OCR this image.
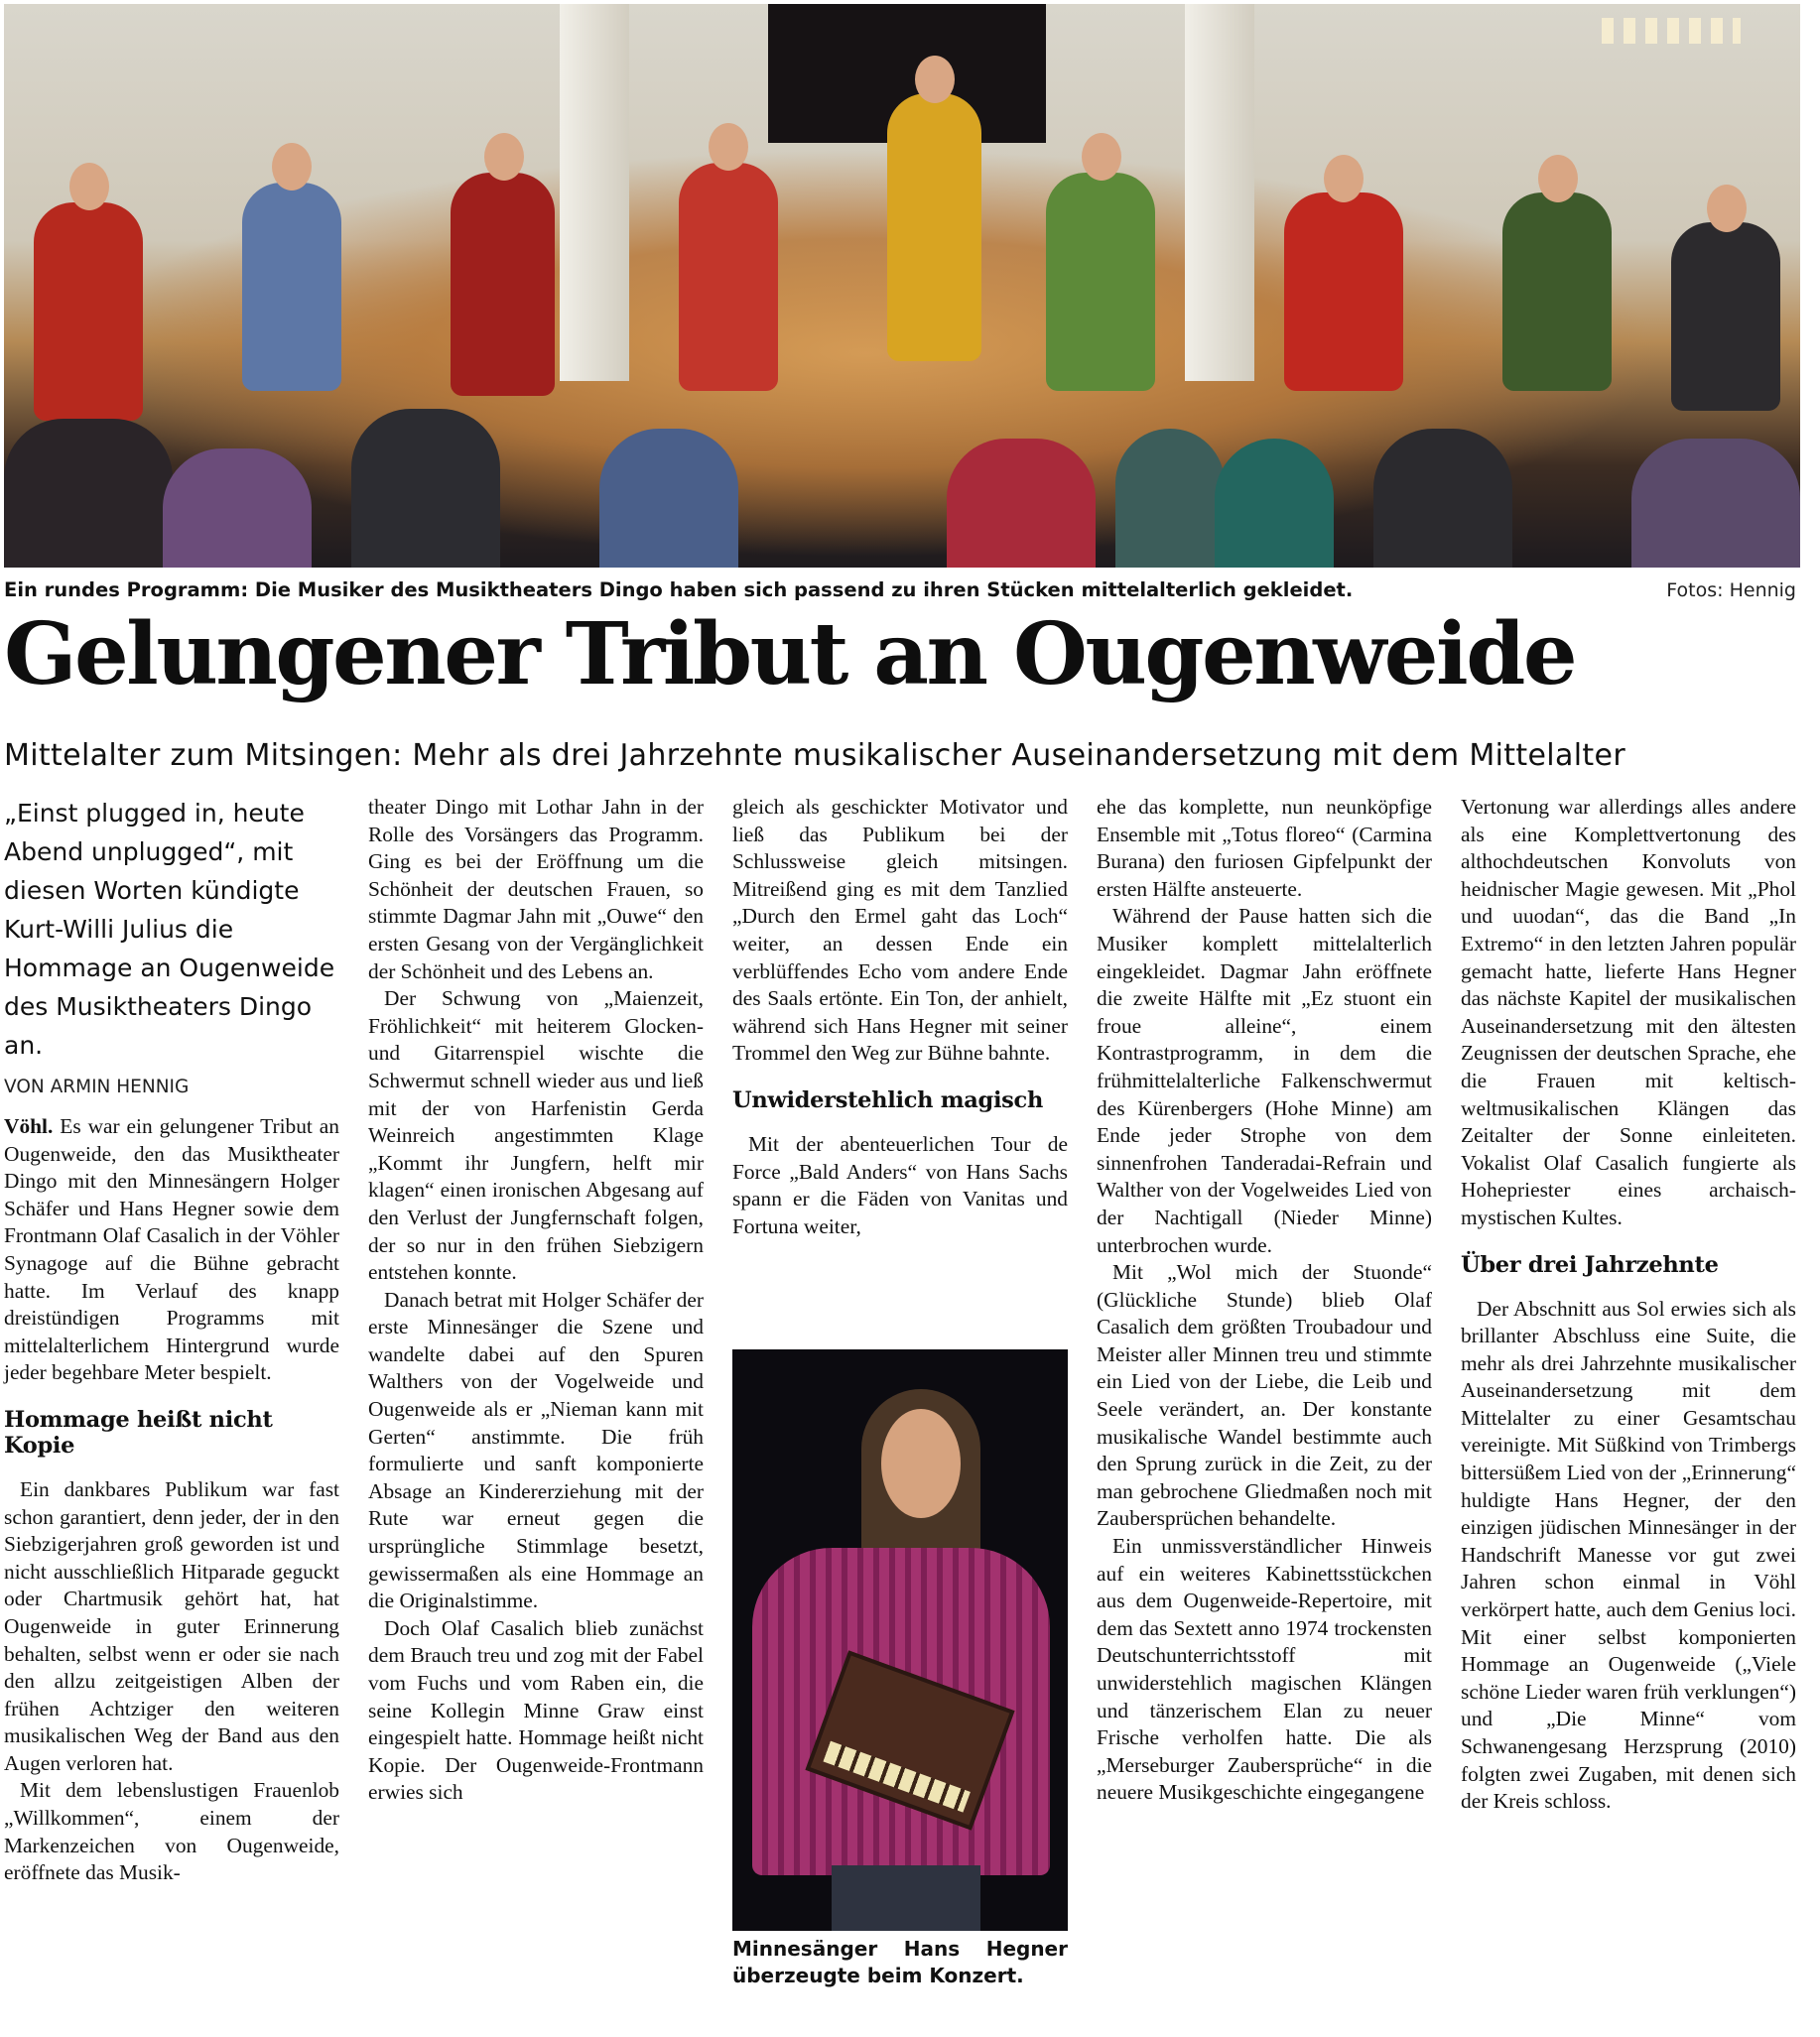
Ein rundes Programm: Die Musiker des Musiktheaters Dingo haben sich passend zu ihren Stücken mittelalterlich gekleidet.	Fotos: Hennig
Gelungener Tribut an Ougenweide
Mittelalter zum Mitsingen: Mehr als drei Jahrzehnte musikalischer Auseinandersetzung mit dem Mittelalter
„Einst plugged in, heute Abend unplugged“, mit diesen Worten kündigte Kurt-Willi Julius die Hommage an Ougenweide des Musiktheaters Dingo an.
VON ARMIN HENNIG

Vöhl. Es war ein gelungener Tribut an Ougenweide, den das Musiktheater Dingo mit den Minnesängern Holger Schäfer und Hans Hegner sowie dem Frontmann Olaf Casalich in der Vöhler Synagoge auf die Bühne gebracht hatte. Im Verlauf des knapp dreistündigen Programms mit mittelalterlichem Hintergrund wurde jeder begehbare Meter bespielt.

Hommage heißt nicht Kopie

Ein dankbares Publikum war fast schon garantiert, denn jeder, der in den Siebzigerjahren groß geworden ist und nicht ausschließlich Hitparade geguckt oder Chartmusik gehört hat, hat Ougenweide in guter Erinnerung behalten, selbst wenn er oder sie nach den allzu zeitgeistigen Alben der frühen Achtziger den weiteren musikalischen Weg der Band aus den Augen verloren hat.

Mit dem lebenslustigen Frauenlob „Willkommen“, einem der Markenzeichen von Ougenweide, eröffnete das Musik-

theater Dingo mit Lothar Jahn in der Rolle des Vorsängers das Programm. Ging es bei der Eröffnung um die Schönheit der deutschen Frauen, so stimmte Dagmar Jahn mit „Ouwe“ den ersten Gesang von der Vergänglichkeit der Schönheit und des Lebens an.

Der Schwung von „Maienzeit, Fröhlichkeit“ mit heiterem Glocken- und Gitarrenspiel wischte die Schwermut schnell wieder aus und ließ mit der von Harfenistin Gerda Weinreich angestimmten Klage „Kommt ihr Jungfern, helft mir klagen“ einen ironischen Abgesang auf den Verlust der Jungfernschaft folgen, der so nur in den frühen Siebzigern entstehen konnte.

Danach betrat mit Holger Schäfer der erste Minnesänger die Szene und wandelte dabei auf den Spuren Walthers von der Vogelweide und Ougenweide als er „Nieman kann mit Gerten“ anstimmte. Die früh formulierte und sanft komponierte Absage an Kindererziehung mit der Rute war erneut gegen die ursprüngliche Stimmlage besetzt, gewissermaßen als eine Hommage an die Originalstimme.

Doch Olaf Casalich blieb zunächst dem Brauch treu und zog mit der Fabel vom Fuchs und vom Raben ein, die seine Kollegin Minne Graw einst eingespielt hatte. Hommage heißt nicht Kopie. Der Ougenweide-Frontmann erwies sich

gleich als geschickter Motivator und ließ das Publikum bei der Schlussweise gleich mitsingen. Mitreißend ging es mit dem Tanzlied „Durch den Ermel gaht das Loch“ weiter, an dessen Ende ein verblüffendes Echo vom andere Ende des Saals ertönte. Ein Ton, der anhielt, während sich Hans Hegner mit seiner Trommel den Weg zur Bühne bahnte.

Unwiderstehlich magisch

Mit der abenteuerlichen Tour de Force „Bald Anders“ von Hans Sachs spann er die Fäden von Vanitas und Fortuna weiter,

Minnesänger Hans Hegner überzeugte beim Konzert.

ehe das komplette, nun neunköpfige Ensemble mit „Totus floreo“ (Carmina Burana) den furiosen Gipfelpunkt der ersten Hälfte ansteuerte.

Während der Pause hatten sich die Musiker komplett mittelalterlich eingekleidet. Dagmar Jahn eröffnete die zweite Hälfte mit „Ez stuont ein froue alleine“, einem Kontrastprogramm, in dem die frühmittelalterliche Falkenschwermut des Kürenbergers (Hohe Minne) am Ende jeder Strophe von dem sinnenfrohen Tanderadai-Refrain und Walther von der Vogelweides Lied von der Nachtigall (Nieder Minne) unterbrochen wurde.

Mit „Wol mich der Stuonde“ (Glückliche Stunde) blieb Olaf Casalich dem größten Troubadour und Meister aller Minnen treu und stimmte ein Lied von der Liebe, die Leib und Seele verändert, an. Der konstante musikalische Wandel bestimmte auch den Sprung zurück in die Zeit, zu der man gebrochene Gliedmaßen noch mit Zaubersprüchen behandelte.

Ein unmissverständlicher Hinweis auf ein weiteres Kabinettsstückchen aus dem Ougenweide-Repertoire, mit dem das Sextett anno 1974 trockensten Deutschunterrichtsstoff mit unwiderstehlich magischen Klängen und tänzerischem Elan zu neuer Frische verholfen hatte. Die als „Merseburger Zaubersprüche“ in die neuere Musikgeschichte eingegangene

Vertonung war allerdings alles andere als eine Komplettvertonung des althochdeutschen Konvoluts von heidnischer Magie gewesen. Mit „Phol und uuodan“, das die Band „In Extremo“ in den letzten Jahren populär gemacht hatte, lieferte Hans Hegner das nächste Kapitel der musikalischen Auseinandersetzung mit den ältesten Zeugnissen der deutschen Sprache, ehe die Frauen mit keltisch-weltmusikalischen Klängen das Zeitalter der Sonne einleiteten. Vokalist Olaf Casalich fungierte als Hohepriester eines archaisch-mystischen Kultes.

Über drei Jahrzehnte

Der Abschnitt aus Sol erwies sich als brillanter Abschluss eine Suite, die mehr als drei Jahrzehnte musikalischer Auseinandersetzung mit dem Mittelalter zu einer Gesamtschau vereinigte. Mit Süßkind von Trimbergs bittersüßem Lied von der „Erinnerung“ huldigte Hans Hegner, der den einzigen jüdischen Minnesänger in der Handschrift Manesse vor gut zwei Jahren schon einmal in Vöhl verkörpert hatte, auch dem Genius loci. Mit einer selbst komponierten Hommage an Ougenweide („Viele schöne Lieder waren früh verklungen“) und „Die Minne“ vom Schwanengesang Herzsprung (2010) folgten zwei Zugaben, mit denen sich der Kreis schloss.
